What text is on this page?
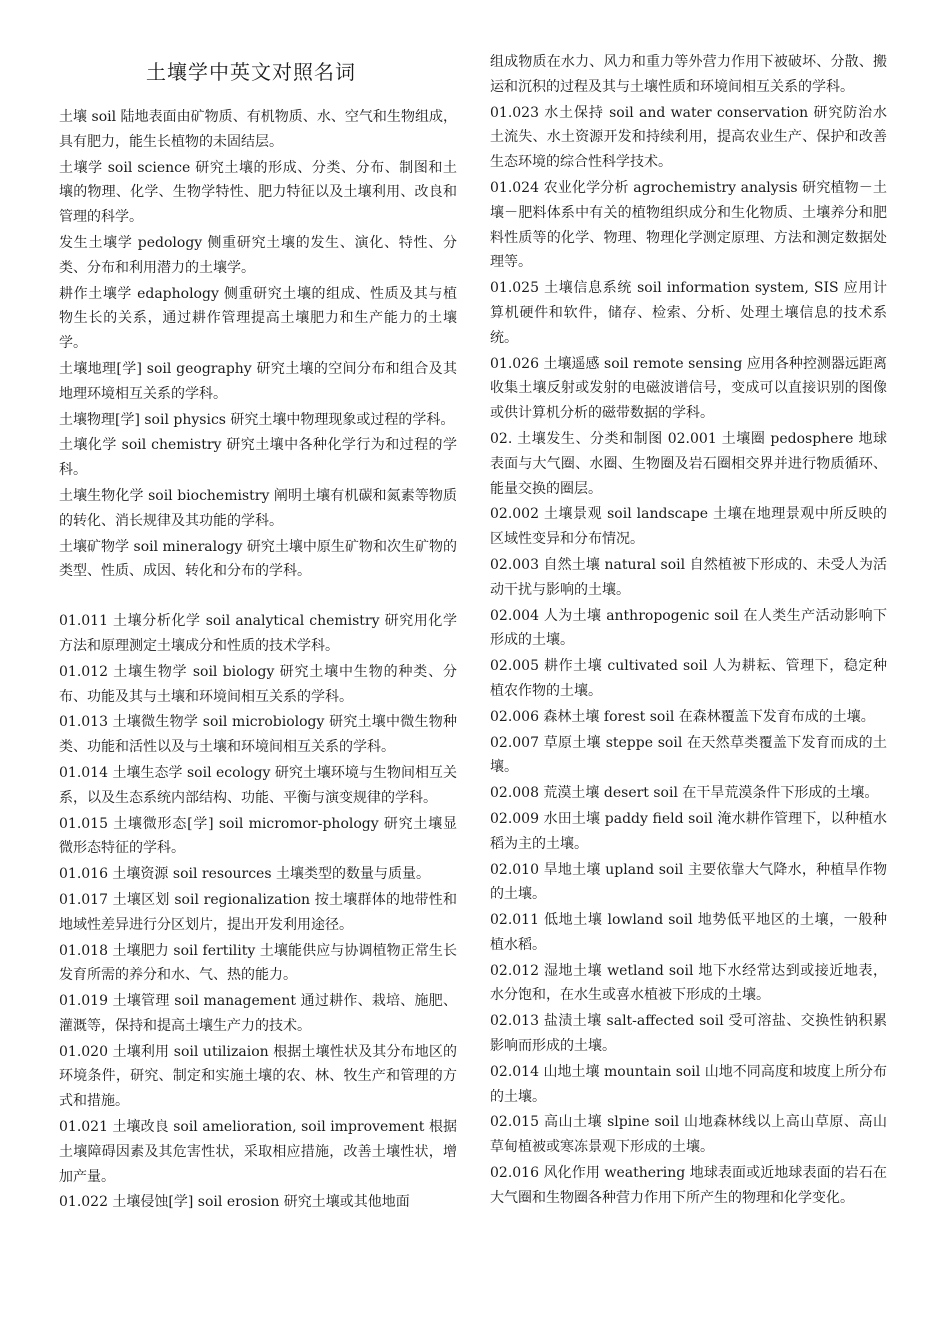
土壤学中英文对照名词

土壤 soil 陆地表面由矿物质、有机物质、水、空气和生物组成，具有肥力，能生长植物的未固结层。

土壤学 soil science 研究土壤的形成、分类、分布、制图和土壤的物理、化学、生物学特性、肥力特征以及土壤利用、改良和管理的科学。

发生土壤学 pedology 侧重研究土壤的发生、演化、特性、分类、分布和利用潜力的土壤学。

耕作土壤学 edaphology 侧重研究土壤的组成、性质及其与植物生长的关系，通过耕作管理提高土壤肥力和生产能力的土壤学。

土壤地理[学] soil geography 研究土壤的空间分布和组合及其地理环境相互关系的学科。

土壤物理[学] soil physics 研究土壤中物理现象或过程的学科。

土壤化学 soil chemistry 研究土壤中各种化学行为和过程的学科。

土壤生物化学 soil biochemistry 阐明土壤有机碳和氮素等物质的转化、消长规律及其功能的学科。

土壤矿物学 soil mineralogy 研究土壤中原生矿物和次生矿物的类型、性质、成因、转化和分布的学科。

01.011 土壤分析化学 soil analytical chemistry 研究用化学方法和原理测定土壤成分和性质的技术学科。

01.012 土壤生物学 soil biology 研究土壤中生物的种类、分布、功能及其与土壤和环境间相互关系的学科。

01.013 土壤微生物学 soil microbiology 研究土壤中微生物种类、功能和活性以及与土壤和环境间相互关系的学科。

01.014 土壤生态学 soil ecology 研究土壤环境与生物间相互关系，以及生态系统内部结构、功能、平衡与演变规律的学科。

01.015 土壤微形态[学] soil micromor-phology 研究土壤显微形态特征的学科。

01.016 土壤资源 soil resources 土壤类型的数量与质量。

01.017 土壤区划 soil regionalization 按土壤群体的地带性和地域性差异进行分区划片，提出开发利用途径。

01.018 土壤肥力 soil fertility 土壤能供应与协调植物正常生长发育所需的养分和水、气、热的能力。

01.019 土壤管理 soil management 通过耕作、栽培、施肥、灌溉等，保持和提高土壤生产力的技术。

01.020 土壤利用 soil utilizaion 根据土壤性状及其分布地区的环境条件，研究、制定和实施土壤的农、林、牧生产和管理的方式和措施。

01.021 土壤改良 soil amelioration, soil improvement 根据土壤障碍因素及其危害性状，采取相应措施，改善土壤性状，增加产量。

01.022 土壤侵蚀[学] soil erosion 研究土壤或其他地面

组成物质在水力、风力和重力等外营力作用下被破坏、分散、搬运和沉积的过程及其与土壤性质和环境间相互关系的学科。

01.023 水土保持 soil and water conservation 研究防治水土流失、水土资源开发和持续利用，提高农业生产、保护和改善生态环境的综合性科学技术。

01.024 农业化学分析 agrochemistry analysis 研究植物－土壤－肥料体系中有关的植物组织成分和生化物质、土壤养分和肥料性质等的化学、物理、物理化学测定原理、方法和测定数据处理等。

01.025 土壤信息系统 soil information system, SIS 应用计算机硬件和软件，储存、检索、分析、处理土壤信息的技术系统。

01.026 土壤遥感 soil remote sensing 应用各种控测器远距离收集土壤反射或发射的电磁波谱信号，变成可以直接识别的图像或供计算机分析的磁带数据的学科。

02. 土壤发生、分类和制图 02.001 土壤圈 pedosphere 地球表面与大气圈、水圈、生物圈及岩石圈相交界并进行物质循环、能量交换的圈层。

02.002 土壤景观 soil landscape 土壤在地理景观中所反映的区域性变异和分布情况。

02.003 自然土壤 natural soil 自然植被下形成的、未受人为活动干扰与影响的土壤。

02.004 人为土壤 anthropogenic soil 在人类生产活动影响下形成的土壤。

02.005 耕作土壤 cultivated soil 人为耕耘、管理下，稳定种植农作物的土壤。

02.006 森林土壤 forest soil 在森林覆盖下发育布成的土壤。

02.007 草原土壤 steppe soil 在天然草类覆盖下发育而成的土壤。

02.008 荒漠土壤 desert soil 在干旱荒漠条件下形成的土壤。

02.009 水田土壤 paddy field soil 淹水耕作管理下，以种植水稻为主的土壤。

02.010 旱地土壤 upland soil 主要依靠大气降水，种植旱作物的土壤。

02.011 低地土壤 lowland soil 地势低平地区的土壤，一般种植水稻。

02.012 湿地土壤 wetland soil 地下水经常达到或接近地表，水分饱和，在水生或喜水植被下形成的土壤。

02.013 盐渍土壤 salt-affected soil 受可溶盐、交换性钠积累影响而形成的土壤。

02.014 山地土壤 mountain soil 山地不同高度和坡度上所分布的土壤。

02.015 高山土壤 slpine soil 山地森林线以上高山草原、高山草甸植被或寒冻景观下形成的土壤。

02.016 风化作用 weathering 地球表面或近地球表面的岩石在大气圈和生物圈各种营力作用下所产生的物理和化学变化。
